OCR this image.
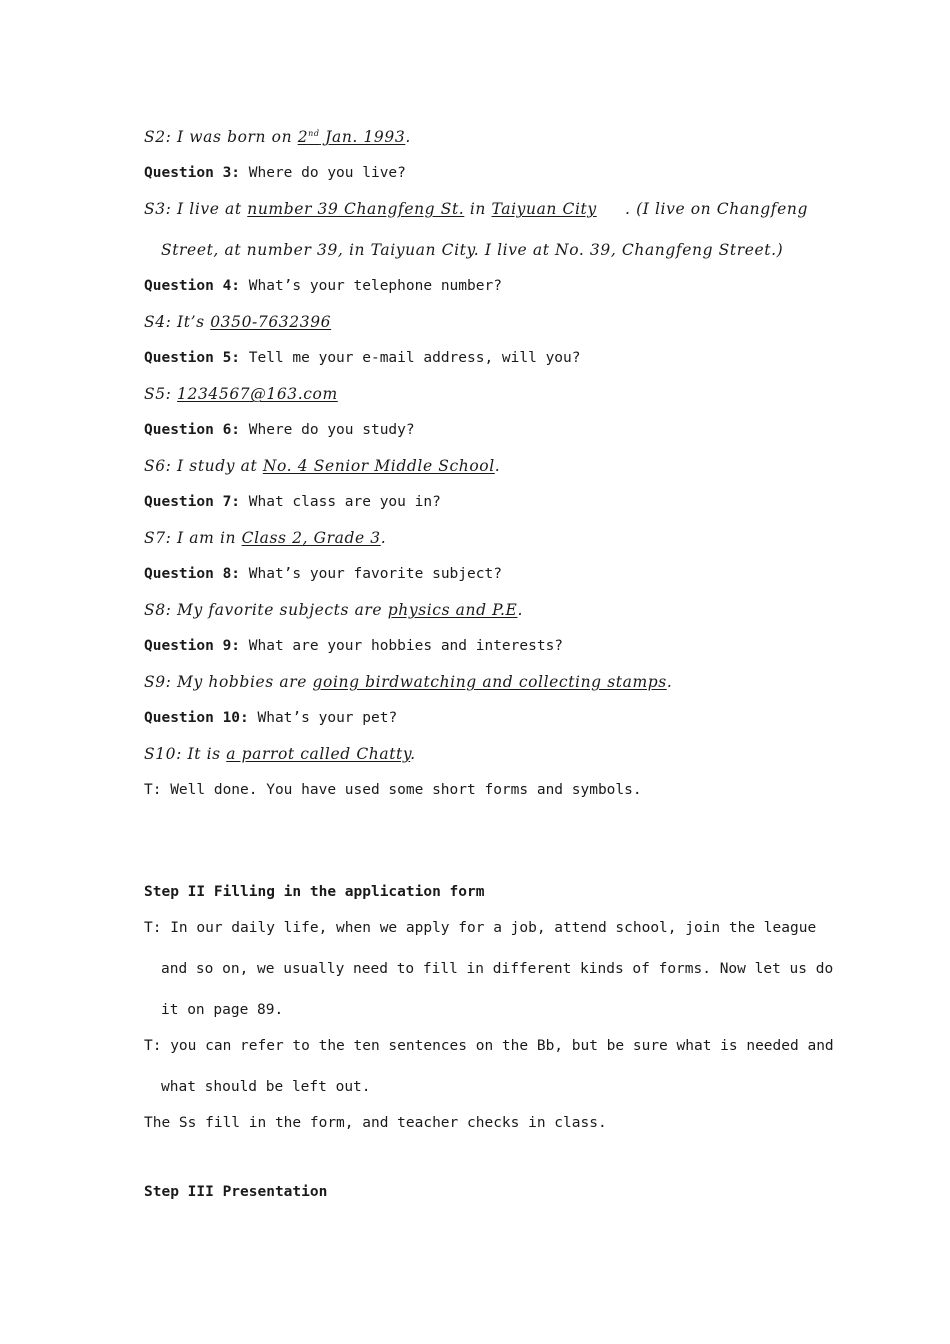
S2: I was born on 2nd Jan. 1993.
Question 3: Where do you live?
S3: I live at number 39 Changfeng St. in Taiyuan City . (I live on Changfeng
Street, at number 39, in Taiyuan City. I live at No. 39, Changfeng Street.)
Question 4: What’s your telephone number?
S4: It’s 0350-7632396
Question 5: Tell me your e-mail address, will you?
S5: 1234567@163.com
Question 6: Where do you study?
S6: I study at No. 4 Senior Middle School.
Question 7: What class are you in?
S7: I am in Class 2, Grade 3.
Question 8: What’s your favorite subject?
S8: My favorite subjects are physics and P.E.
Question 9: What are your hobbies and interests?
S9: My hobbies are going birdwatching and collecting stamps.
Question 10: What’s your pet?
S10: It is a parrot called Chatty.
T: Well done. You have used some short forms and symbols.
Step II Filling in the application form
T: In our daily life, when we apply for a job, attend school, join the league
and so on, we usually need to fill in different kinds of forms. Now let us do
it on page 89.
T: you can refer to the ten sentences on the Bb, but be sure what is needed and
what should be left out.
The Ss fill in the form, and teacher checks in class.
Step III Presentation
